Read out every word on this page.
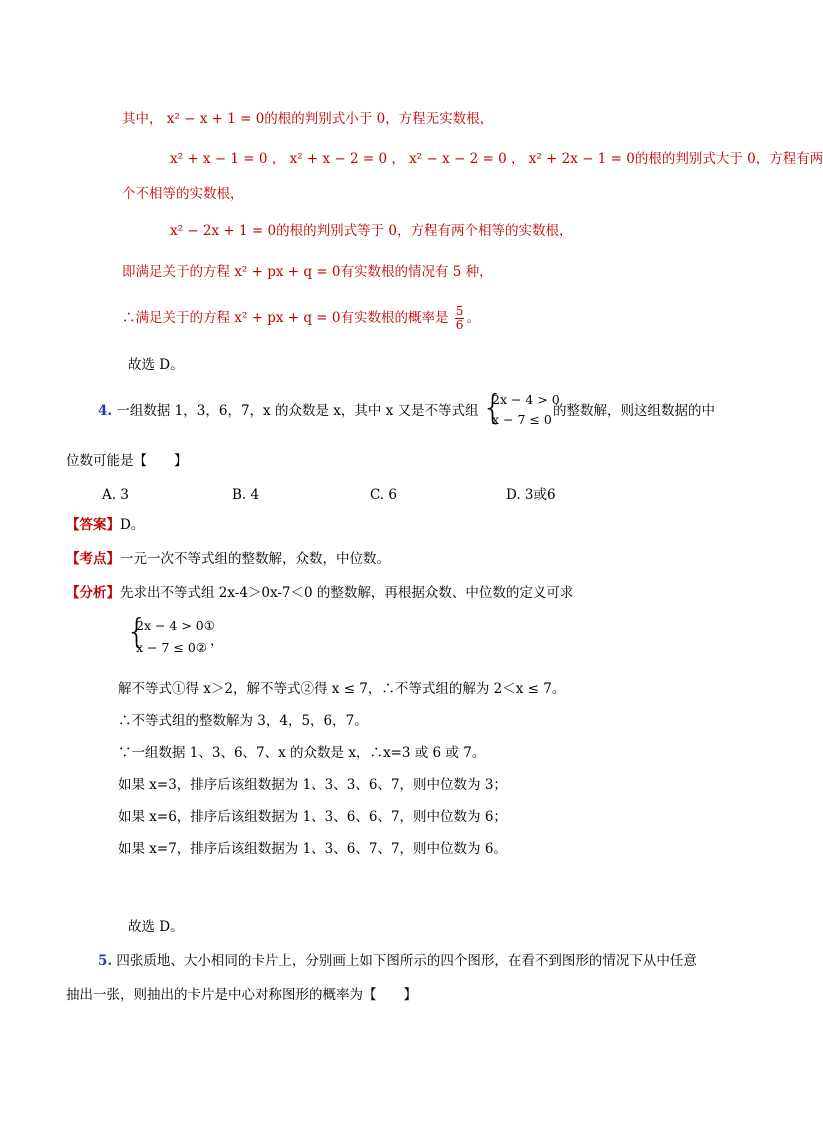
其中， x² − x + 1 = 0的根的判别式小于 0，方程无实数根，
x² + x − 1 = 0 ， x² + x − 2 = 0 ， x² − x − 2 = 0 ， x² + 2x − 1 = 0的根的判别式大于 0，方程有两
个不相等的实数根，
x² − 2x + 1 = 0的根的判别式等于 0，方程有两个相等的实数根，
即满足关于的方程 x² + px + q = 0有实数根的情况有 5 种，
∴满足关于的方程 x² + px + q = 0有实数根的概率是 $\frac{5}{6}$ 。
故选 D。
4. 一组数据 1，3，6，7，x 的众数是 x，其中 x 又是不等式组 {
2x − 4 > 0
x − 7 ≤ 0
的整数解，则这组数据的中
位数可能是【　　】
A. 3	B. 4	C. 6	D. 3或6
【答案】D。
【考点】一元一次不等式组的整数解，众数，中位数。
【分析】先求出不等式组 2x-4＞0x-7＜0 的整数解，再根据众数、中位数的定义可求
{
2x − 4 > 0①
x − 7 ≤ 0② ，
解不等式①得 x＞2，解不等式②得 x ≤ 7，∴不等式组的解为 2＜x ≤ 7。
∴不等式组的整数解为 3，4，5，6，7。
∵一组数据 1、3、6、7、x 的众数是 x，∴x=3 或 6 或 7。
如果 x=3，排序后该组数据为 1、3、3、6、7，则中位数为 3；
如果 x=6，排序后该组数据为 1、3、6、6、7，则中位数为 6；
如果 x=7，排序后该组数据为 1、3、6、7、7，则中位数为 6。
故选 D。
5. 四张质地、大小相同的卡片上，分别画上如下图所示的四个图形，在看不到图形的情况下从中任意
抽出一张，则抽出的卡片是中心对称图形的概率为【　　】
